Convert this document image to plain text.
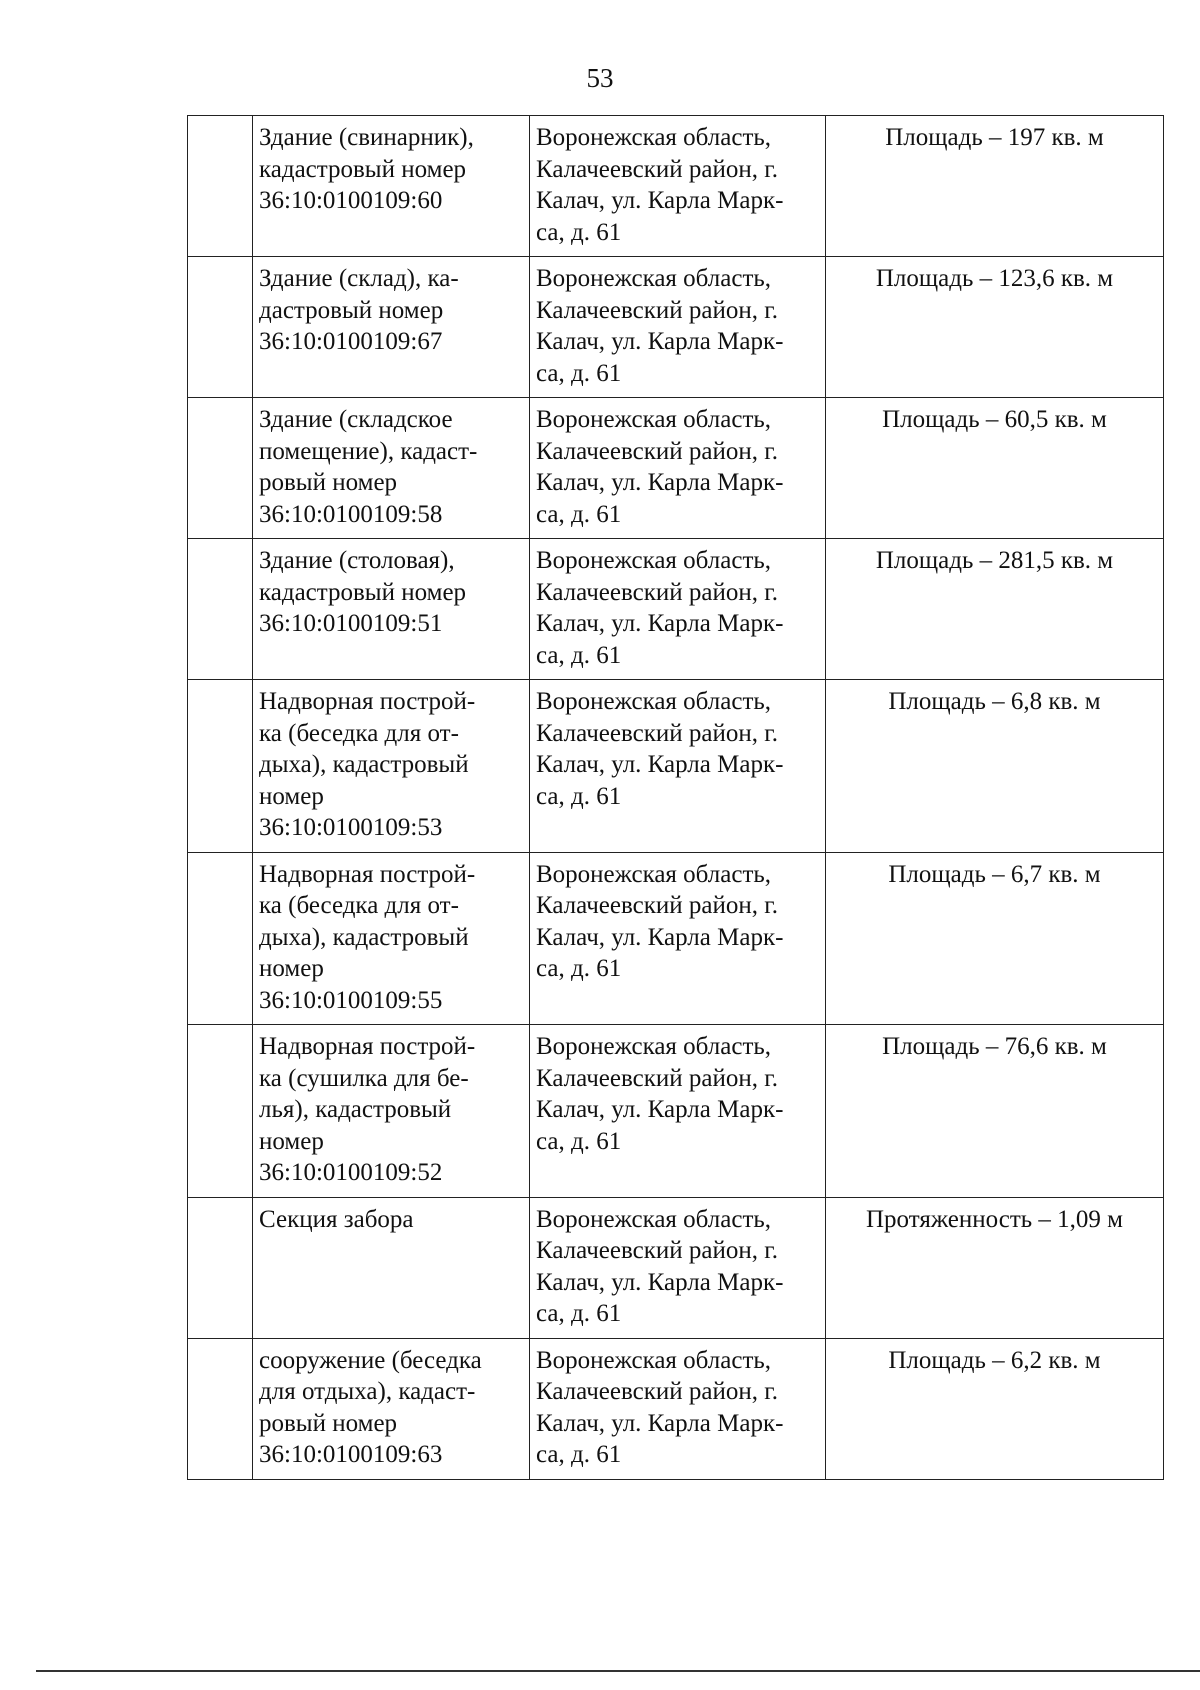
53

	Здание (свинарник),
кадастровый номер
36:10:0100109:60	Воронежская область,
Калачеевский район, г.
Калач, ул. Карла Марк-
са, д. 61	Площадь – 197 кв. м

	Здание (склад), ка-
дастровый номер
36:10:0100109:67	Воронежская область,
Калачеевский район, г.
Калач, ул. Карла Марк-
са, д. 61	Площадь – 123,6 кв. м

	Здание (складское
помещение), кадаст-
ровый номер
36:10:0100109:58	Воронежская область,
Калачеевский район, г.
Калач, ул. Карла Марк-
са, д. 61	Площадь – 60,5 кв. м

	Здание (столовая),
кадастровый номер
36:10:0100109:51	Воронежская область,
Калачеевский район, г.
Калач, ул. Карла Марк-
са, д. 61	Площадь – 281,5 кв. м

	Надворная построй-
ка (беседка для от-
дыха), кадастровый
номер
36:10:0100109:53	Воронежская область,
Калачеевский район, г.
Калач, ул. Карла Марк-
са, д. 61	Площадь – 6,8 кв. м

	Надворная построй-
ка (беседка для от-
дыха), кадастровый
номер
36:10:0100109:55	Воронежская область,
Калачеевский район, г.
Калач, ул. Карла Марк-
са, д. 61	Площадь – 6,7 кв. м

	Надворная построй-
ка (сушилка для бе-
лья), кадастровый
номер
36:10:0100109:52	Воронежская область,
Калачеевский район, г.
Калач, ул. Карла Марк-
са, д. 61	Площадь – 76,6 кв. м

	Секция забора	Воронежская область,
Калачеевский район, г.
Калач, ул. Карла Марк-
са, д. 61	Протяженность – 1,09 м

	сооружение (беседка
для отдыха), кадаст-
ровый номер
36:10:0100109:63	Воронежская область,
Калачеевский район, г.
Калач, ул. Карла Марк-
са, д. 61	Площадь – 6,2 кв. м
